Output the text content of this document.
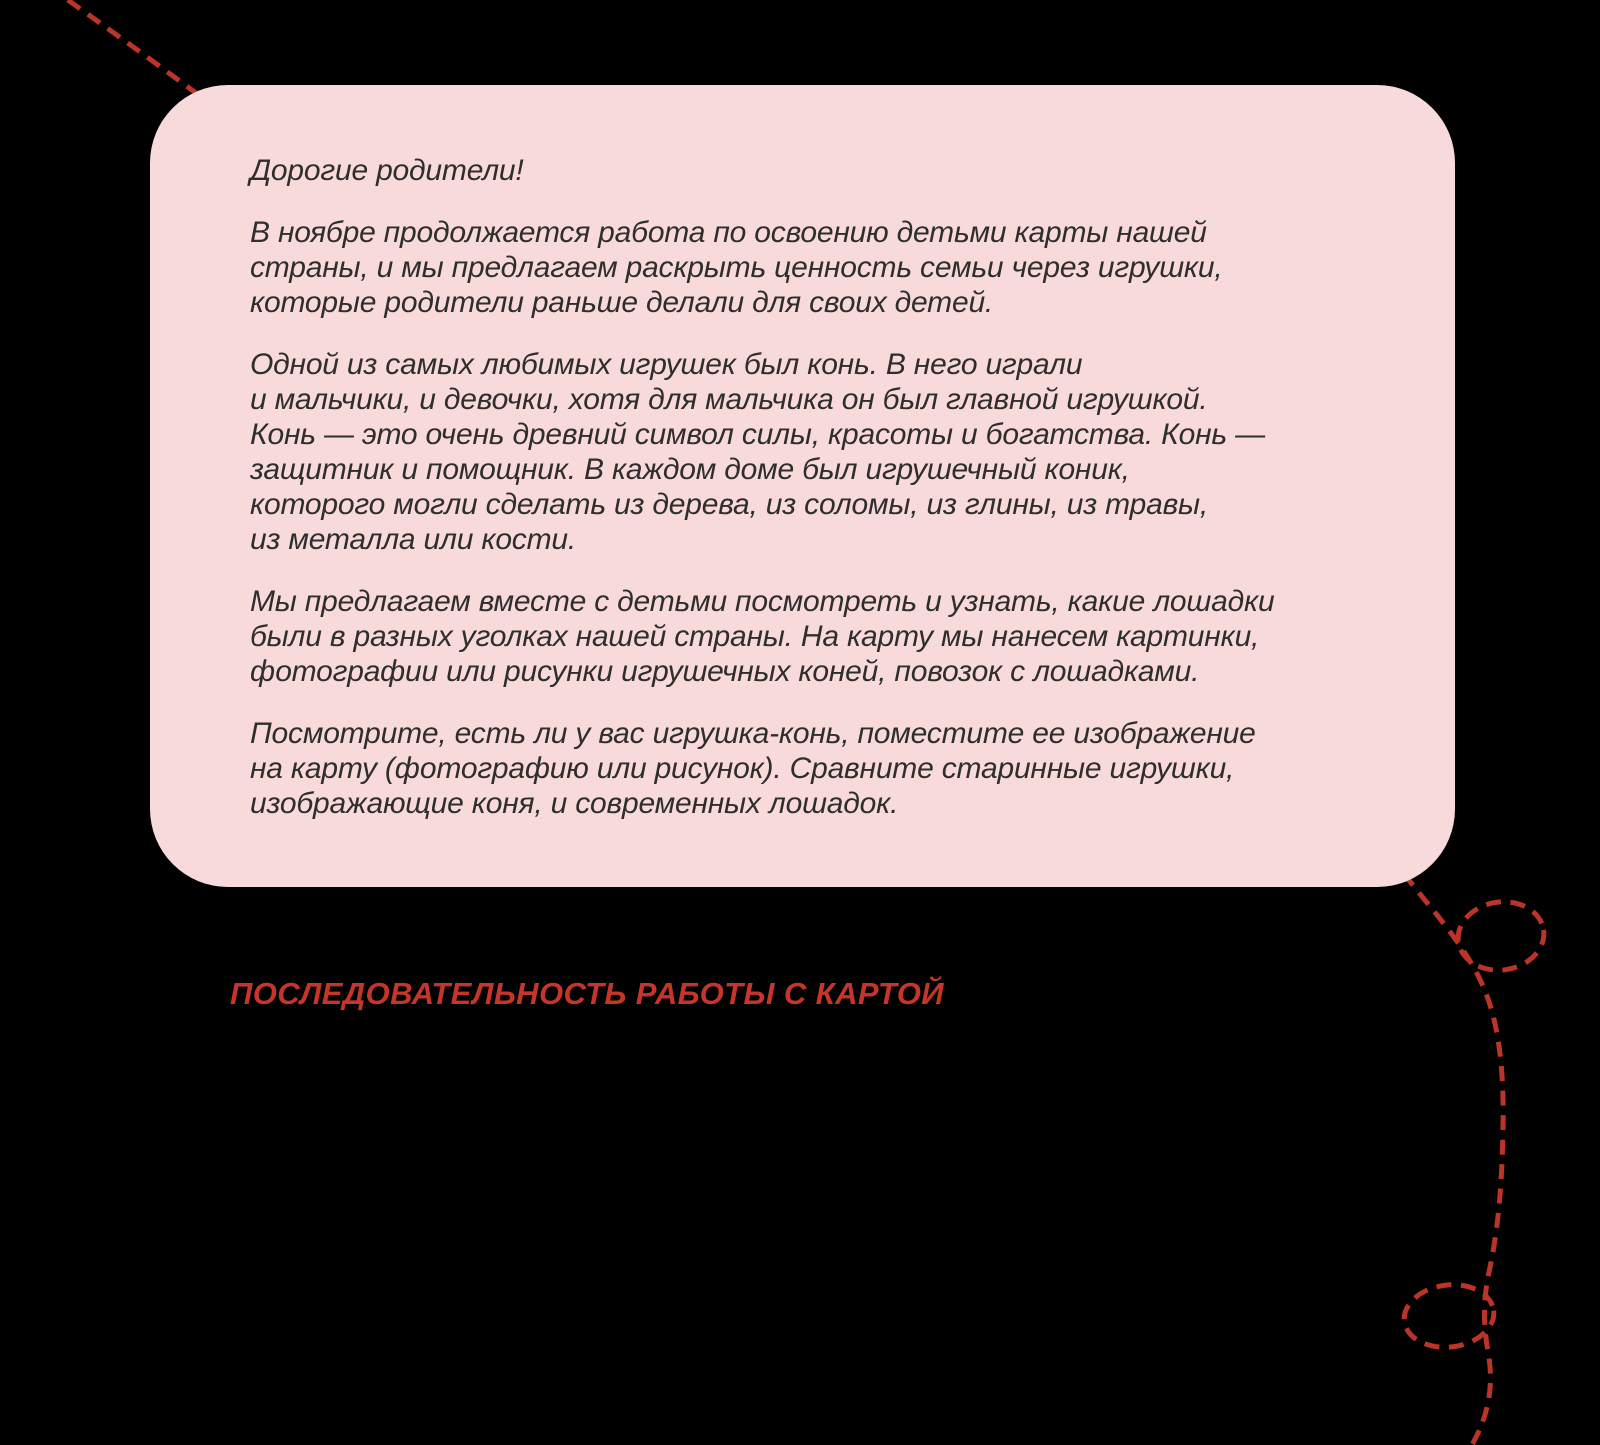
Дорогие родители!
В ноябре продолжается работа по освоению детьми карты нашей
страны, и мы предлагаем раскрыть ценность семьи через игрушки,
которые родители раньше делали для своих детей.
Одной из самых любимых игрушек был конь. В него играли
и мальчики, и девочки, хотя для мальчика он был главной игрушкой.
Конь — это очень древний символ силы, красоты и богатства. Конь —
защитник и помощник. В каждом доме был игрушечный коник,
которого могли сделать из дерева, из соломы, из глины, из травы,
из металла или кости.
Мы предлагаем вместе с детьми посмотреть и узнать, какие лошадки
были в разных уголках нашей страны. На карту мы нанесем картинки,
фотографии или рисунки игрушечных коней, повозок с лошадками.
Посмотрите, есть ли у вас игрушка-конь, поместите ее изображение
на карту (фотографию или рисунок). Сравните старинные игрушки,
изображающие коня, и современных лошадок.
ПОСЛЕДОВАТЕЛЬНОСТЬ РАБОТЫ С КАРТОЙ
